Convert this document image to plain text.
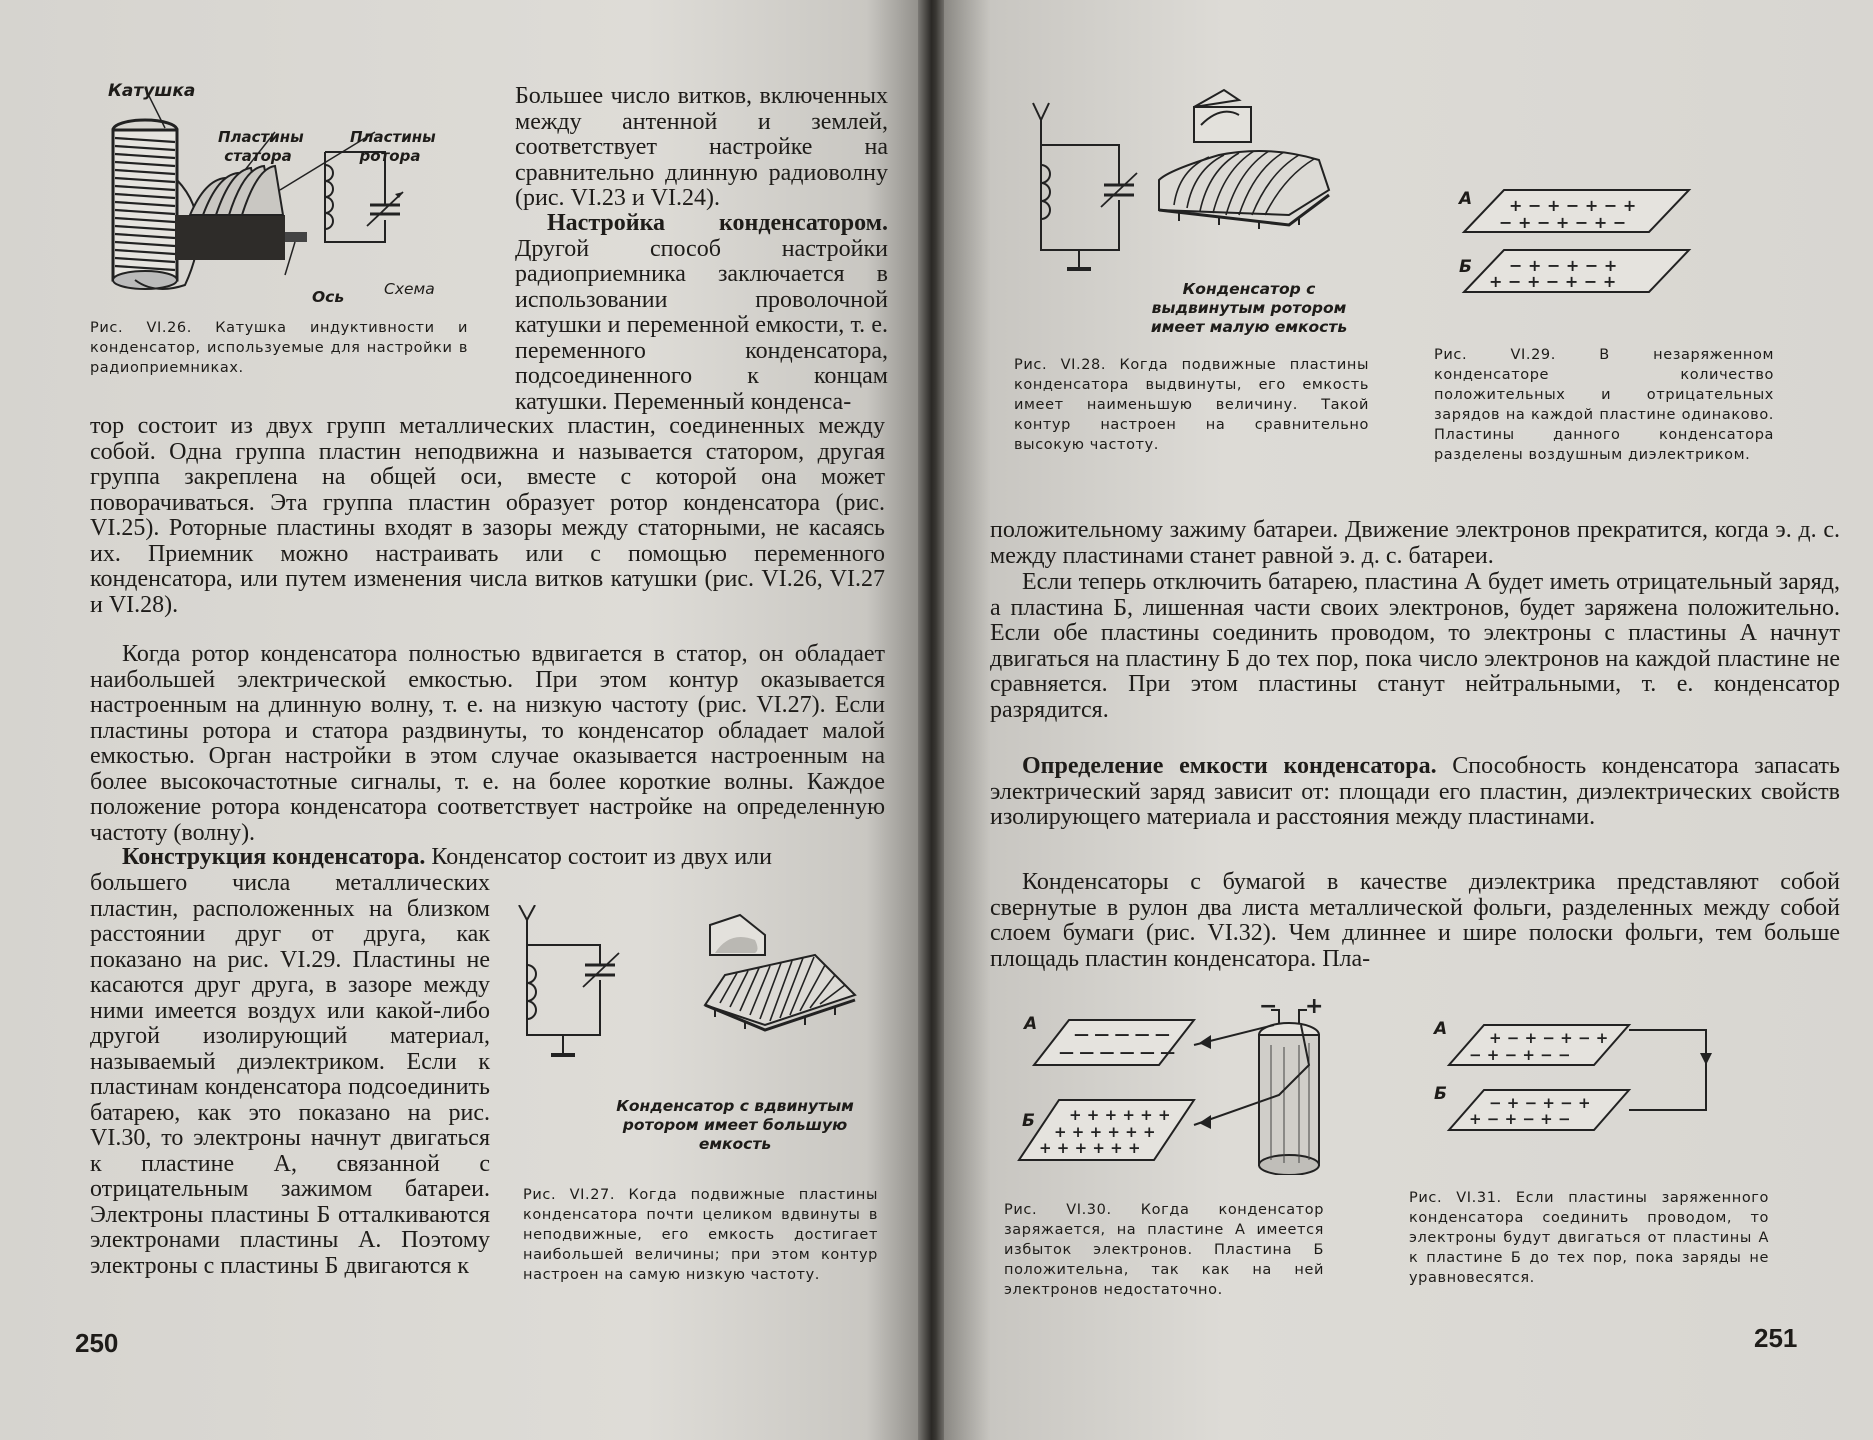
Катушка
Пластины статора
Пластины ротора
Ось	Схема

Рис. VI.26. Катушка индуктивности и конденсатор, используемые для настройки в радиоприемниках.

Большее число витков, включенных между антенной и землей, соответствует настройке на сравнительно длинную радиоволну (рис. VI.23 и VI.24).

Настройка конденсатором. Другой способ настройки радиоприемника заключается в использовании проволочной катушки и переменной емкости, т. е. переменного конденсатора, подсоединенного к концам катушки. Переменный конденса-

тор состоит из двух групп металлических пластин, соединенных между собой. Одна группа пластин неподвижна и называется статором, другая группа закреплена на общей оси, вместе с которой она может поворачиваться. Эта группа пластин образует ротор конденсатора (рис. VI.25). Роторные пластины входят в зазоры между статорными, не касаясь их. Приемник можно настраивать или с помощью переменного конденсатора, или путем изменения числа витков катушки (рис. VI.26, VI.27 и VI.28).

Когда ротор конденсатора полностью вдвигается в статор, он обладает наибольшей электрической емкостью. При этом контур оказывается настроенным на длинную волну, т. е. на низкую частоту (рис. VI.27). Если пластины ротора и статора раздвинуты, то конденсатор обладает малой емкостью. Орган настройки в этом случае оказывается настроенным на более высокочастотные сигналы, т. е. на более короткие волны. Каждое положение ротора конденсатора соответствует настройке на определенную частоту (волну).

Конструкция конденсатора. Конденсатор состоит из двух или

большего числа металлических пластин, расположенных на близком расстоянии друг от друга, как показано на рис. VI.29. Пластины не касаются друг друга, в зазоре между ними имеется воздух или какой-либо другой изолирующий материал, называемый диэлектриком. Если к пластинам конденсатора подсоединить батарею, как это показано на рис. VI.30, то электроны начнут двигаться к пластине А, связанной с отрицательным зажимом батареи. Электроны пластины Б отталкиваются электронами пластины А. Поэтому электроны с пластины Б двигаются к

Конденсатор с вдвинутым ротором имеет большую емкость

Рис. VI.27. Когда подвижные пластины конденсатора почти целиком вдвинуты в неподвижные, его емкость достигает наибольшей величины; при этом контур настроен на самую низкую частоту.

250
Конденсатор с выдвинутым ротором имеет малую емкость

Рис. VI.28. Когда подвижные пластины конденсатора выдвинуты, его емкость имеет наименьшую величину. Такой контур настроен на сравнительно высокую частоту.

+ − + − + − +
− + − + − + −
− + − + − +
+ − + − + − +
А
Б

Рис. VI.29. В незаряженном конденсаторе количество положительных и отрицательных зарядов на каждой пластине одинаково. Пластины данного конденсатора разделены воздушным диэлектриком.

положительному зажиму батареи. Движение электронов прекратится, когда э. д. с. между пластинами станет равной э. д. с. батареи.

Если теперь отключить батарею, пластина А будет иметь отрицательный заряд, а пластина Б, лишенная части своих электронов, будет заряжена положительно. Если обе пластины соединить проводом, то электроны с пластины А начнут двигаться на пластину Б до тех пор, пока число электронов на каждой пластине не сравняется. При этом пластины станут нейтральными, т. е. конденсатор разрядится.

Определение емкости конденсатора. Способность конденсатора запасать электрический заряд зависит от: площади его пластин, диэлектрических свойств изолирующего материала и расстояния между пластинами.

Конденсаторы с бумагой в качестве диэлектрика представляют собой свернутые в рулон два листа металлической фольги, разделенных между собой слоем бумаги (рис. VI.32). Чем длиннее и шире полоски фольги, тем больше площадь пластин конденсатора. Пла-

— — — — —
— — — — — —
+ + + + + +
+ + + + + +
+ + + + + +
− +
А
Б

Рис. VI.30. Когда конденсатор заряжается, на пластине А имеется избыток электронов. Пластина Б положительна, так как на ней электронов недостаточно.

+ − + − + − +
− + − + − −
− + − + − +
+ − + − + −
А
Б

Рис. VI.31. Если пластины заряженного конденсатора соединить проводом, то электроны будут двигаться от пластины А к пластине Б до тех пор, пока заряды не уравновесятся.

251
